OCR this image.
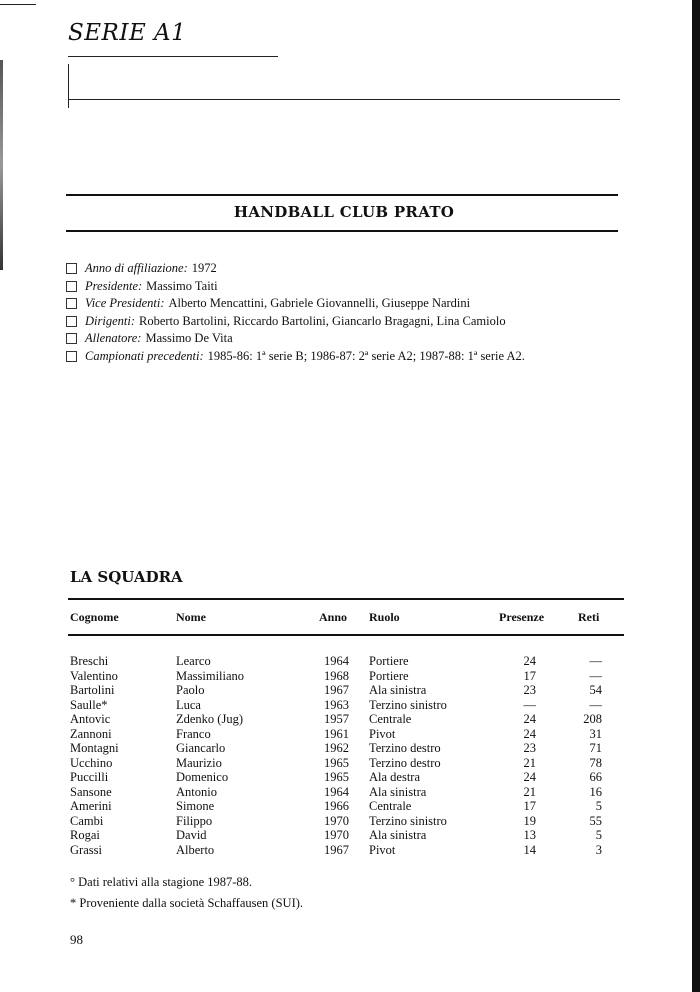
SERIE A1
HANDBALL CLUB PRATO
Anno di affiliazione: 1972
Presidente: Massimo Taiti
Vice Presidenti: Alberto Mencattini, Gabriele Giovannelli, Giuseppe Nardini
Dirigenti: Roberto Bartolini, Riccardo Bartolini, Giancarlo Bragagni, Lina Camiolo
Allenatore: Massimo De Vita
Campionati precedenti: 1985-86: 1ª serie B; 1986-87: 2ª serie A2; 1987-88: 1ª serie A2.
LA SQUADRA
Cognome	Nome	Anno Ruolo	Presenze	Reti
Breschi	Learco	1964 Portiere	24	—
Valentino	Massimiliano	1968 Portiere	17	—
Bartolini	Paolo	1967 Ala sinistra	23	54
Saulle*	Luca	1963 Terzino sinistro	—	—
Antovic	Zdenko (Jug)	1957 Centrale	24	208
Zannoni	Franco	1961 Pivot	24	31
Montagni	Giancarlo	1962 Terzino destro	23	71
Ucchino	Maurizio	1965 Terzino destro	21	78
Puccilli	Domenico	1965 Ala destra	24	66
Sansone	Antonio	1964 Ala sinistra	21	16
Amerini	Simone	1966 Centrale	17	5
Cambi	Filippo	1970 Terzino sinistro	19	55
Rogai	David	1970 Ala sinistra	13	5
Grassi	Alberto	1967 Pivot	14	3
° Dati relativi alla stagione 1987-88.
* Proveniente dalla società Schaffausen (SUI).
98
